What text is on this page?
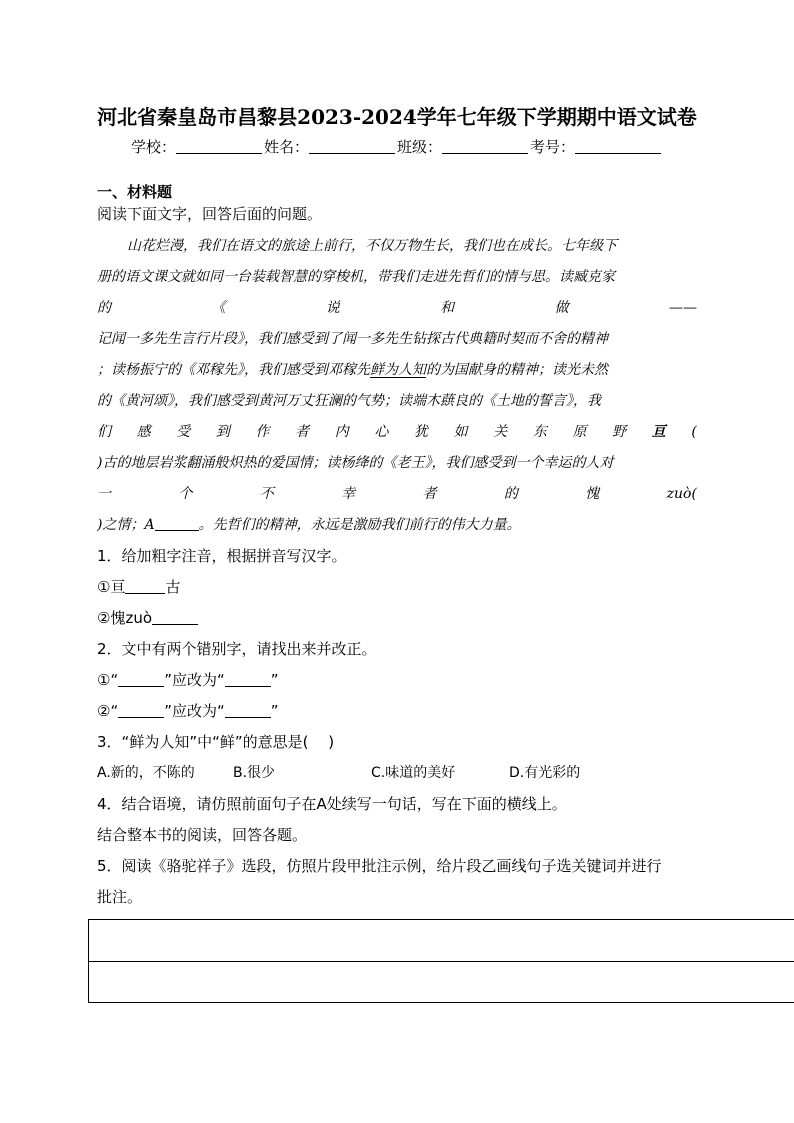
河北省秦皇岛市昌黎县2023-2024学年七年级下学期期中语文试卷
学校：	姓名：	班级：	考号：
一、材料题
阅读下面文字，回答后面的问题。
山花烂漫，我们在语文的旅途上前行，不仅万物生长，我们也在成长。七年级下
册的语文课文就如同一台装载智慧的穿梭机，带我们走进先哲们的情与思。读臧克家
的	《	说	和	做	——
记闻一多先生言行片段》，我们感受到了闻一多先生钻探古代典籍时契而不舍的精神
；读杨振宁的《邓稼先》，我们感受到邓稼先鲜为人知的为国献身的精神；读光未然
的《黄河颂》，我们感受到黄河万丈狂澜的气势；读端木蕻良的《土地的誓言》，我
们 感 受 到 作 者 内 心 犹 如 关 东 原 野 亘 (
)古的地层岩浆翻涌般炽热的爱国情；读杨绛的《老王》，我们感受到一个幸运的人对
一	个	不	幸	者	的	愧	zuò(
)之情；A	。先哲们的精神，永远是激励我们前行的伟大力量。
1．给加粗字注音，根据拼音写汉字。
①亘	古
②愧zuò
2．文中有两个错别字，请找出来并改正。
①“	”应改为“	”
②“	”应改为“	”
3．“鲜为人知”中“鲜”的意思是(　 )
A.新的，不陈的	B.很少	C.味道的美好	D.有光彩的
4．结合语境，请仿照前面句子在A处续写一句话，写在下面的横线上。
结合整本书的阅读，回答各题。
5．阅读《骆驼祥子》选段，仿照片段甲批注示例，给片段乙画线句子选关键词并进行
批注。
